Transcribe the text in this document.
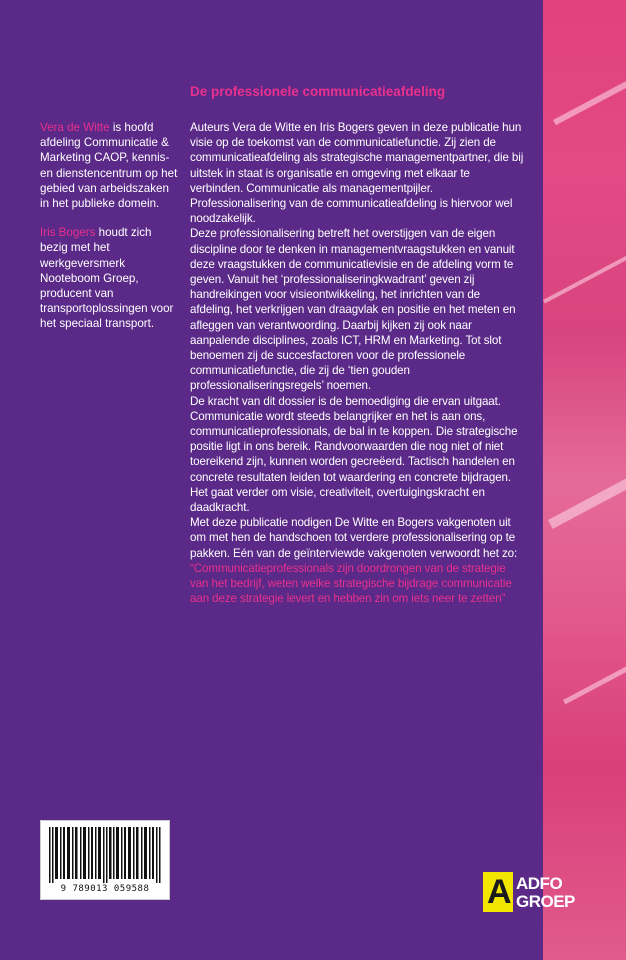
De professionele communicatieafdeling

Vera de Witte is hoofd afdeling Communicatie & Marketing CAOP, kennis- en dienstencentrum op het gebied van arbeidszaken in het publieke domein.

Iris Bogers houdt zich bezig met het werkgeversmerk Nooteboom Groep, producent van transportoplossingen voor het speciaal transport.

Auteurs Vera de Witte en Iris Bogers geven in deze publicatie hun visie op de toekomst van de communicatiefunctie. Zij zien de communicatieafdeling als strategische managementpartner, die bij uitstek in staat is organisatie en omgeving met elkaar te verbinden. Communicatie als managementpijler. Professionalisering van de communicatieafdeling is hiervoor wel noodzakelijk.

Deze professionalisering betreft het overstijgen van de eigen discipline door te denken in managementvraagstukken en vanuit deze vraagstukken de communicatievisie en de afdeling vorm te geven. Vanuit het ‘professionaliseringkwadrant’ geven zij handreikingen voor visieontwikkeling, het inrichten van de afdeling, het verkrijgen van draagvlak en positie en het meten en afleggen van verantwoording. Daarbij kijken zij ook naar aanpalende disciplines, zoals ICT, HRM en Marketing. Tot slot benoemen zij de succesfactoren voor de professionele communicatiefunctie, die zij de ‘tien gouden professionaliseringsregels’ noemen.

De kracht van dit dossier is de bemoediging die ervan uitgaat. Communicatie wordt steeds belangrijker en het is aan ons, communicatieprofessionals, de bal in te koppen. Die strategische positie ligt in ons bereik. Randvoorwaarden die nog niet of niet toereikend zijn, kunnen worden gecreëerd. Tactisch handelen en concrete resultaten leiden tot waardering en concrete bijdragen. Het gaat verder om visie, creativiteit, overtuigingskracht en daadkracht.

Met deze publicatie nodigen De Witte en Bogers vakgenoten uit om met hen de handschoen tot verdere professionalisering op te pakken. Eén van de geïnterviewde vakgenoten verwoordt het zo:

“Communicatieprofessionals zijn doordrongen van de strategie van het bedrijf, weten welke strategische bijdrage communicatie aan deze strategie levert en hebben zin om iets neer te zetten”

9 789013 059588	A ADFO
GROEP
